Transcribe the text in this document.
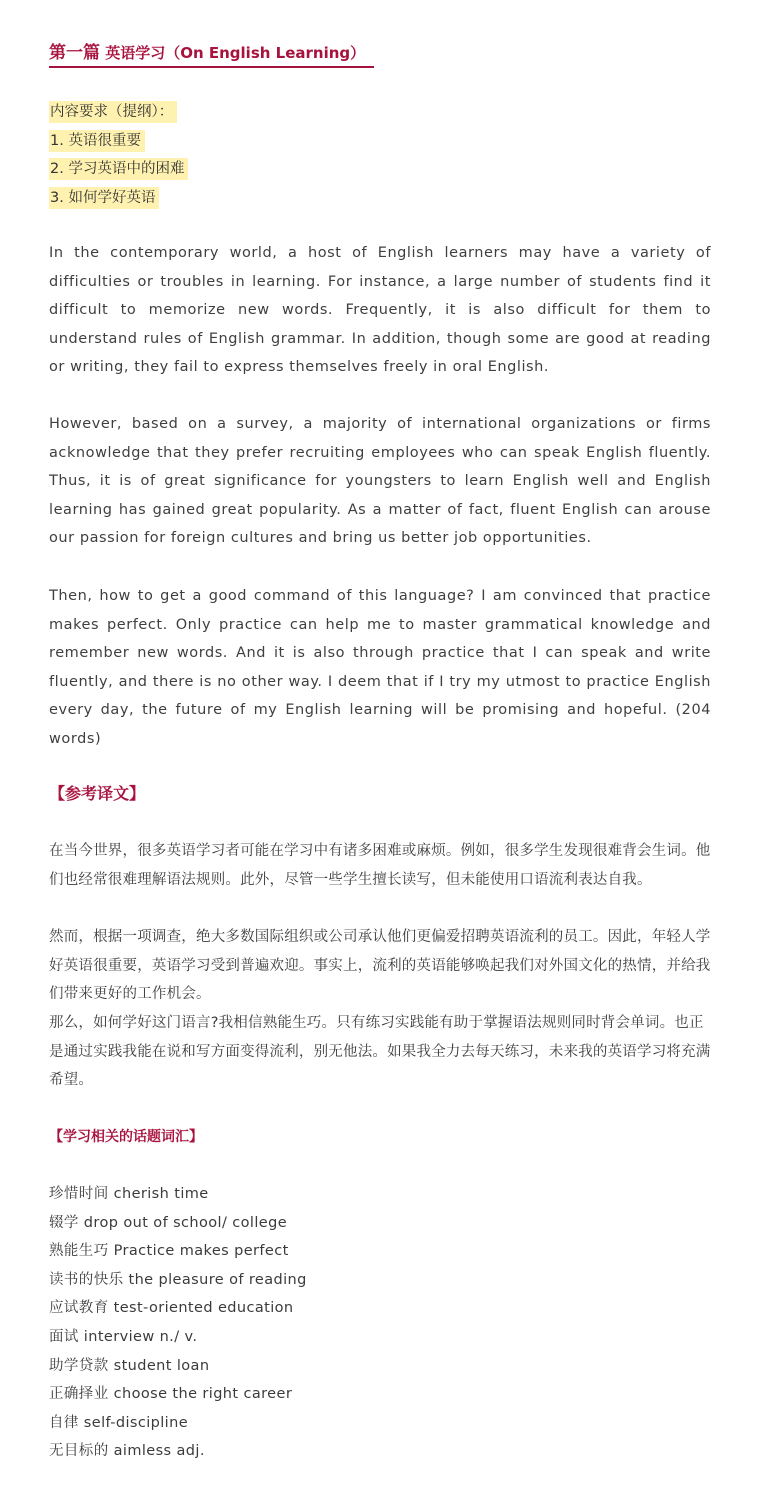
第一篇 英语学习（On English Learning）
内容要求（提纲）：
1. 英语很重要
2. 学习英语中的困难
3. 如何学好英语

In the contemporary world, a host of English learners may have a variety of difficulties or troubles in learning. For instance, a large number of students find it difficult to memorize new words. Frequently, it is also difficult for them to understand rules of English grammar. In addition, though some are good at reading or writing, they fail to express themselves freely in oral English.

However, based on a survey, a majority of international organizations or firms acknowledge that they prefer recruiting employees who can speak English fluently. Thus, it is of great significance for youngsters to learn English well and English learning has gained great popularity. As a matter of fact, fluent English can arouse our passion for foreign cultures and bring us better job opportunities.

Then, how to get a good command of this language? I am convinced that practice makes perfect. Only practice can help me to master grammatical knowledge and remember new words. And it is also through practice that I can speak and write fluently, and there is no other way. I deem that if I try my utmost to practice English every day, the future of my English learning will be promising and hopeful. (204 words)

【参考译文】

在当今世界，很多英语学习者可能在学习中有诸多困难或麻烦。例如，很多学生发现很难背会生词。他们也经常很难理解语法规则。此外，尽管一些学生擅长读写，但未能使用口语流利表达自我。

然而，根据一项调查，绝大多数国际组织或公司承认他们更偏爱招聘英语流利的员工。因此，年轻人学好英语很重要，英语学习受到普遍欢迎。事实上，流利的英语能够唤起我们对外国文化的热情，并给我们带来更好的工作机会。

那么，如何学好这门语言?我相信熟能生巧。只有练习实践能有助于掌握语法规则同时背会单词。也正是通过实践我能在说和写方面变得流利，别无他法。如果我全力去每天练习，未来我的英语学习将充满希望。

【学习相关的话题词汇】
珍惜时间 cherish time
辍学 drop out of school/ college
熟能生巧 Practice makes perfect
读书的快乐 the pleasure of reading
应试教育 test-oriented education
面试 interview n./ v.
助学贷款 student loan
正确择业 choose the right career
自律 self-discipline
无目标的 aimless adj.
